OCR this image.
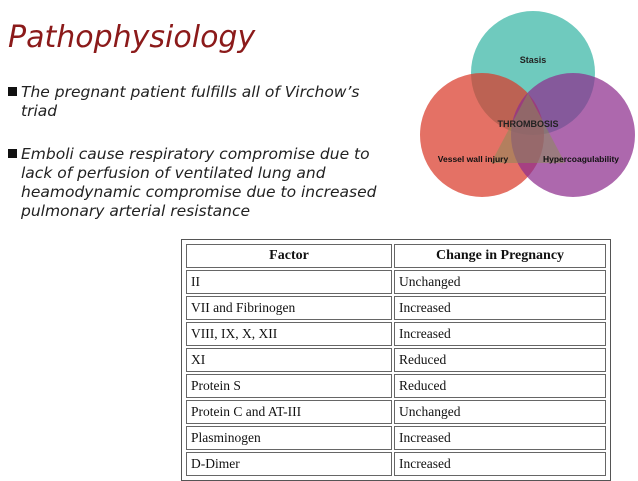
Pathophysiology
The pregnant patient fulfills all of Virchow’s triad
Emboli cause respiratory compromise due to lack of perfusion of ventilated lung and heamodynamic compromise due to increased pulmonary arterial resistance
Stasis
THROMBOSIS
Vessel wall injury	Hypercoagulability
Factor	Change in Pregnancy
II	Unchanged
VII and Fibrinogen	Increased
VIII, IX, X, XII	Increased
XI	Reduced
Protein S	Reduced
Protein C and AT-III	Unchanged
Plasminogen	Increased
D-Dimer	Increased
